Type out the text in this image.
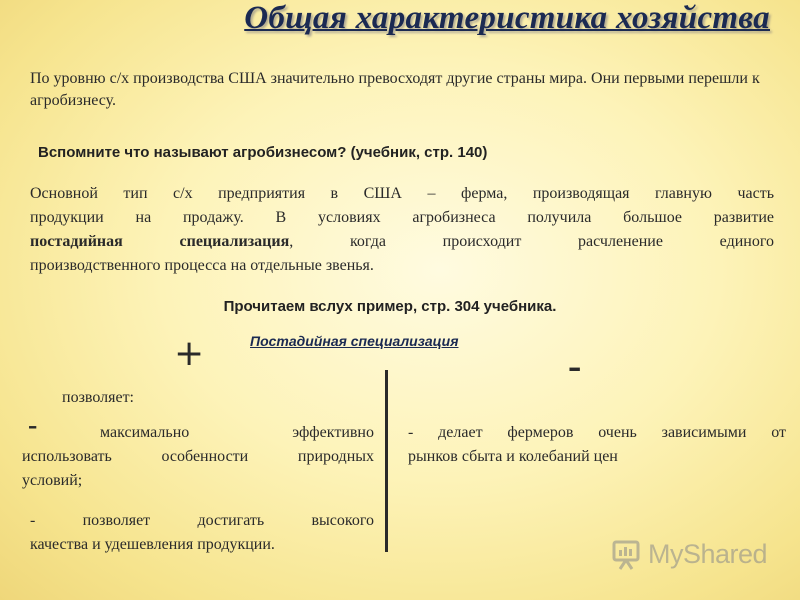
Общая характеристика хозяйства
По уровню с/х производства США значительно превосходят другие страны мира. Они первыми перешли к агробизнесу.
Вспомните что называют агробизнесом? (учебник, стр. 140)
Основной тип с/х предприятия в США – ферма, производящая главную часть
продукции на продажу. В условиях агробизнеса получила большое развитие
постадийная специализация, когда происходит расчленение единого
производственного процесса на отдельные звенья.
Прочитаем вслух пример, стр. 304 учебника.
Постадийная специализация
+	-
позволяет:
-	максимально эффективно
использовать особенности природных
условий;
- позволяет достигать высокого
качества и удешевления продукции.
- делает фермеров очень зависимыми от
рынков сбыта и колебаний цен
MyShared
